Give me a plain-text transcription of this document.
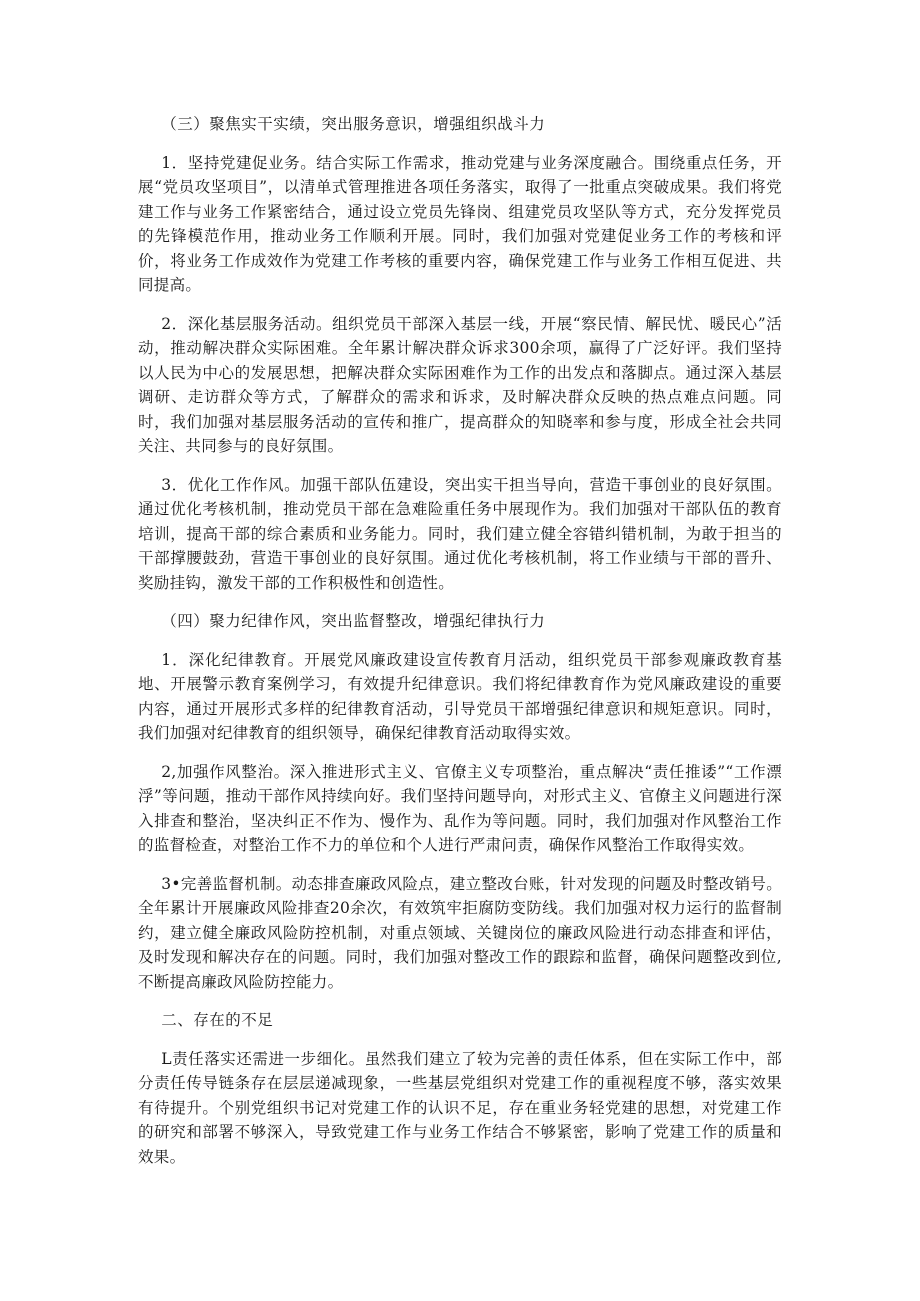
（三）聚焦实干实绩，突出服务意识，增强组织战斗力

1．坚持党建促业务。结合实际工作需求，推动党建与业务深度融合。围绕重点任务，开展“党员攻坚项目”，以清单式管理推进各项任务落实，取得了一批重点突破成果。我们将党建工作与业务工作紧密结合，通过设立党员先锋岗、组建党员攻坚队等方式，充分发挥党员的先锋模范作用，推动业务工作顺利开展。同时，我们加强对党建促业务工作的考核和评价，将业务工作成效作为党建工作考核的重要内容，确保党建工作与业务工作相互促进、共同提高。

2．深化基层服务活动。组织党员干部深入基层一线，开展“察民情、解民忧、暖民心”活动，推动解决群众实际困难。全年累计解决群众诉求300余项，赢得了广泛好评。我们坚持以人民为中心的发展思想，把解决群众实际困难作为工作的出发点和落脚点。通过深入基层调研、走访群众等方式，了解群众的需求和诉求，及时解决群众反映的热点难点问题。同时，我们加强对基层服务活动的宣传和推广，提高群众的知晓率和参与度，形成全社会共同关注、共同参与的良好氛围。

3．优化工作作风。加强干部队伍建设，突出实干担当导向，营造干事创业的良好氛围。通过优化考核机制，推动党员干部在急难险重任务中展现作为。我们加强对干部队伍的教育培训，提高干部的综合素质和业务能力。同时，我们建立健全容错纠错机制，为敢于担当的干部撑腰鼓劲，营造干事创业的良好氛围。通过优化考核机制，将工作业绩与干部的晋升、奖励挂钩，激发干部的工作积极性和创造性。

（四）聚力纪律作风，突出监督整改，增强纪律执行力

1．深化纪律教育。开展党风廉政建设宣传教育月活动，组织党员干部参观廉政教育基地、开展警示教育案例学习，有效提升纪律意识。我们将纪律教育作为党风廉政建设的重要内容，通过开展形式多样的纪律教育活动，引导党员干部增强纪律意识和规矩意识。同时，我们加强对纪律教育的组织领导，确保纪律教育活动取得实效。

2,加强作风整治。深入推进形式主义、官僚主义专项整治，重点解决“责任推诿”“工作漂浮”等问题，推动干部作风持续向好。我们坚持问题导向，对形式主义、官僚主义问题进行深入排查和整治，坚决纠正不作为、慢作为、乱作为等问题。同时，我们加强对作风整治工作的监督检查，对整治工作不力的单位和个人进行严肃问责，确保作风整治工作取得实效。

3•完善监督机制。动态排查廉政风险点，建立整改台账，针对发现的问题及时整改销号。全年累计开展廉政风险排查20余次，有效筑牢拒腐防变防线。我们加强对权力运行的监督制约，建立健全廉政风险防控机制，对重点领域、关键岗位的廉政风险进行动态排查和评估，及时发现和解决存在的问题。同时，我们加强对整改工作的跟踪和监督，确保问题整改到位,不断提高廉政风险防控能力。

二、存在的不足

L责任落实还需进一步细化。虽然我们建立了较为完善的责任体系，但在实际工作中，部分责任传导链条存在层层递减现象，一些基层党组织对党建工作的重视程度不够，落实效果有待提升。个别党组织书记对党建工作的认识不足，存在重业务轻党建的思想，对党建工作的研究和部署不够深入，导致党建工作与业务工作结合不够紧密，影响了党建工作的质量和效果。
